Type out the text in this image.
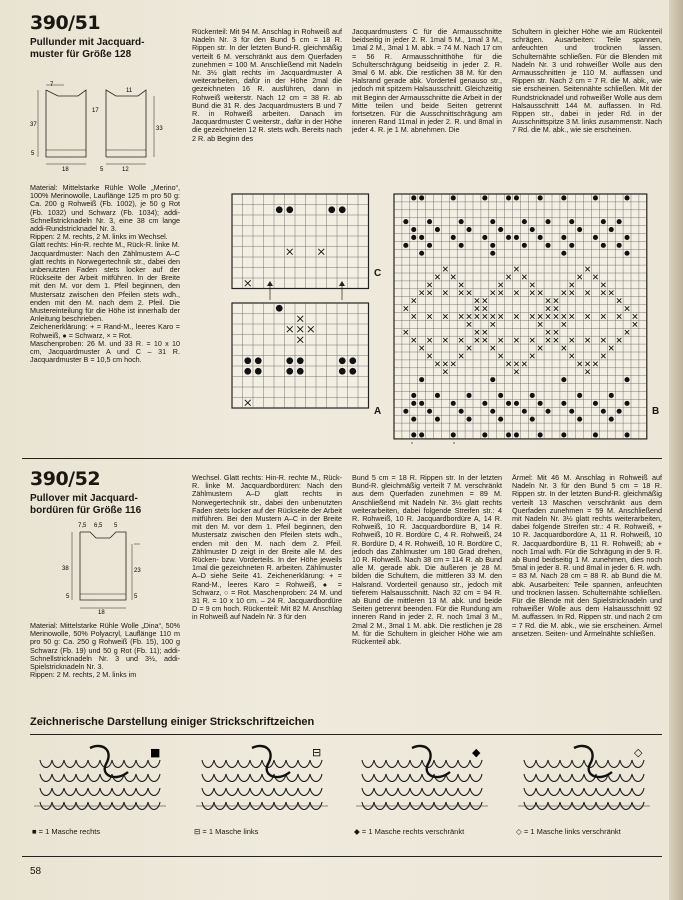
390/51
Pullunder mit Jacquard-muster für Größe 128
7
11
17
33
37
5
18	5	12

Material: Mittelstarke Rühle Wolle „Merino“, 100% Merinowolle, Lauflänge 125 m pro 50 g: Ca. 200 g Rohweiß (Fb. 1002), je 50 g Rot (Fb. 1032) und Schwarz (Fb. 1034); addi-Schnellstricknadeln Nr. 3, eine 38 cm lange addi-Rundstricknadel Nr. 3.

Rippen: 2 M. rechts, 2 M. links im Wechsel.

Glatt rechts: Hin-R. rechte M., Rück-R. linke M.

Jacquardmuster: Nach den Zählmustern A–C glatt rechts in Norwegertechnik str., dabei den unbenutzten Faden stets locker auf der Rückseite der Arbeit mitführen. In der Breite mit den M. vor dem 1. Pfeil beginnen, den Mustersatz zwischen den Pfeilen stets wdh., enden mit den M. nach dem 2. Pfeil. Die Mustereinteilung für die Höhe ist innerhalb der Anleitung beschrieben.

Zeichenerklärung: + = Rand-M., leeres Karo = Rohweiß, ● = Schwarz, × = Rot.

Maschenproben: 26 M. und 33 R. = 10 x 10 cm, Jacquardmuster A und C – 31 R. Jacquardmuster B = 10,5 cm hoch.

Rückenteil: Mit 94 M. Anschlag in Rohweiß auf Nadeln Nr. 3 für den Bund 5 cm = 18 R. Rippen str. In der letzten Bund-R. gleichmäßig verteilt 6 M. verschränkt aus dem Querfaden zunehmen = 100 M. Anschließend mit Nadeln Nr. 3½ glatt rechts im Jacquardmuster A weiterarbeiten, dafür in der Höhe 2mal die gezeichneten 16 R. ausführen, dann in Rohweiß weiterstr. Nach 12 cm = 38 R. ab Bund die 31 R. des Jacquardmusters B und 7 R. in Rohweiß arbeiten. Danach im Jacquardmuster C weiterstr., dafür in der Höhe die gezeichneten 12 R. stets wdh. Bereits nach 2 R. ab Beginn des

Jacquardmusters C für die Armausschnitte beidseitig in jeder 2. R. 1mal 5 M., 1mal 3 M., 1mal 2 M., 3mal 1 M. abk. = 74 M. Nach 17 cm = 56 R. Armausschnitthöhe für die Schulterschrägung beidseitig in jeder 2. R. 3mal 6 M. abk. Die restlichen 38 M. für den Halsrand gerade abk. Vorderteil genauso str., jedoch mit spitzem Halsausschnitt. Gleichzeitig mit Beginn der Armausschnitte die Arbeit in der Mitte teilen und beide Seiten getrennt fortsetzen. Für die Ausschnittschrägung am inneren Rand 11mal in jeder 2. R. und 8mal in jeder 4. R. je 1 M. abnehmen. Die

Schultern in gleicher Höhe wie am Rückenteil schrägen. Ausarbeiten: Teile spannen, anfeuchten und trocknen lassen. Schulternähte schließen. Für die Blenden mit Nadeln Nr. 3 und rohweißer Wolle aus den Armausschnitten je 110 M. auffassen und Rippen str. Nach 2 cm = 7 R. die M. abk., wie sie erscheinen. Seitennähte schließen. Mit der Rundstricknadel und rohweißer Wolle aus dem Halsausschnitt 144 M. auffassen. In Rd. Rippen str., dabei in jeder Rd. in der Ausschnittspitze 3 M. links zusammenstr. Nach 7 Rd. die M. abk., wie sie erscheinen.

C
A	B
390/52
Pullover mit Jacquard-bordüren für Größe 116
7,5 6,5 5
38
5
23
5
18

Material: Mittelstarke Rühle Wolle „Dina“, 50% Merinowolle, 50% Polyacryl, Lauflänge 110 m pro 50 g: Ca. 250 g Rohweiß (Fb. 15), 100 g Schwarz (Fb. 19) und 50 g Rot (Fb. 11); addi-Schnellstricknadeln Nr. 3 und 3½, addi-Spielstricknadeln Nr. 3.

Rippen: 2 M. rechts, 2 M. links im

Wechsel. Glatt rechts: Hin-R. rechte M., Rück-R. linke M. Jacquardbordüren: Nach den Zählmustern A–D glatt rechts in Norwegertechnik str., dabei den unbenutzten Faden stets locker auf der Rückseite der Arbeit mitführen. Bei den Mustern A–C in der Breite mit den M. vor dem 1. Pfeil beginnen, den Mustersatz zwischen den Pfeilen stets wdh., enden mit den M. nach dem 2. Pfeil. Zählmuster D zeigt in der Breite alle M. des Rücken- bzw. Vorderteils. In der Höhe jeweils 1mal die gezeichneten R. arbeiten. Zählmuster A–D siehe Seite 41. Zeichenerklärung: + = Rand-M., leeres Karo = Rohweiß, ● = Schwarz, ○ = Rot. Maschenproben: 24 M. und 31 R. = 10 x 10 cm. – 24 R. Jacquardbordüre D = 9 cm hoch. Rückenteil: Mit 82 M. Anschlag in Rohweiß auf Nadeln Nr. 3 für den

Bund 5 cm = 18 R. Rippen str. In der letzten Bund-R. gleichmäßig verteilt 7 M. verschränkt aus dem Querfaden zunehmen = 89 M. Anschließend mit Nadeln Nr. 3½ glatt rechts weiterarbeiten, dabei folgende Streifen str.: 4 R. Rohweiß, 10 R. Jacquardbordüre A, 14 R. Rohweiß, 10 R. Jacquardbordüre B, 14 R. Rohweiß, 10 R. Bordüre C, 4 R. Rohweiß, 24 R. Bordüre D, 4 R. Rohweiß, 10 R. Bordüre C, jedoch das Zählmuster um 180 Grad drehen, 10 R. Rohweiß. Nach 38 cm = 114 R. ab Bund alle M. gerade abk. Die äußeren je 28 M. bilden die Schultern, die mittleren 33 M. den Halsrand. Vorderteil genauso str., jedoch mit tieferem Halsausschnitt. Nach 32 cm = 94 R. ab Bund die mittleren 13 M. abk. und beide Seiten getrennt beenden. Für die Rundung am inneren Rand in jeder 2. R. noch 1mal 3 M., 2mal 2 M., 3mal 1 M. abk. Die restlichen je 28 M. für die Schultern in gleicher Höhe wie am Rückenteil abk.

Ärmel: Mit 46 M. Anschlag in Rohweiß auf Nadeln Nr. 3 für den Bund 5 cm = 18 R. Rippen str. In der letzten Bund-R. gleichmäßig verteilt 13 Maschen verschränkt aus dem Querfaden zunehmen = 59 M. Anschließend mit Nadeln Nr. 3½ glatt rechts weiterarbeiten, dabei folgende Streifen str.: 4 R. Rohweiß, + 10 R. Jacquardbordüre A, 11 R. Rohweiß, 10 R. Jacquardbordüre B, 11 R. Rohweiß; ab + noch 1mal wdh. Für die Schrägung in der 9. R. ab Bund beidseitig 1 M. zunehmen, dies noch 5mal in jeder 8. R. und 8mal in jeder 6. R. wdh. = 83 M. Nach 28 cm = 88 R. ab Bund die M. abk. Ausarbeiten: Teile spannen, anfeuchten und trocknen lassen. Schulternähte schließen. Für die Blende mit den Spielstricknadeln und rohweißer Wolle aus dem Halsausschnitt 92 M. auffassen. In Rd. Rippen str. und nach 2 cm = 7 Rd. die M. abk., wie sie erscheinen. Ärmel ansetzen. Seiten- und Ärmelnähte schließen.

Zeichnerische Darstellung einiger Strickschriftzeichen
■	⊟	◆	◇
■ = 1 Masche rechts	⊟ = 1 Masche links	◆ = 1 Masche rechts verschränkt	◇ = 1 Masche links verschränkt
58
